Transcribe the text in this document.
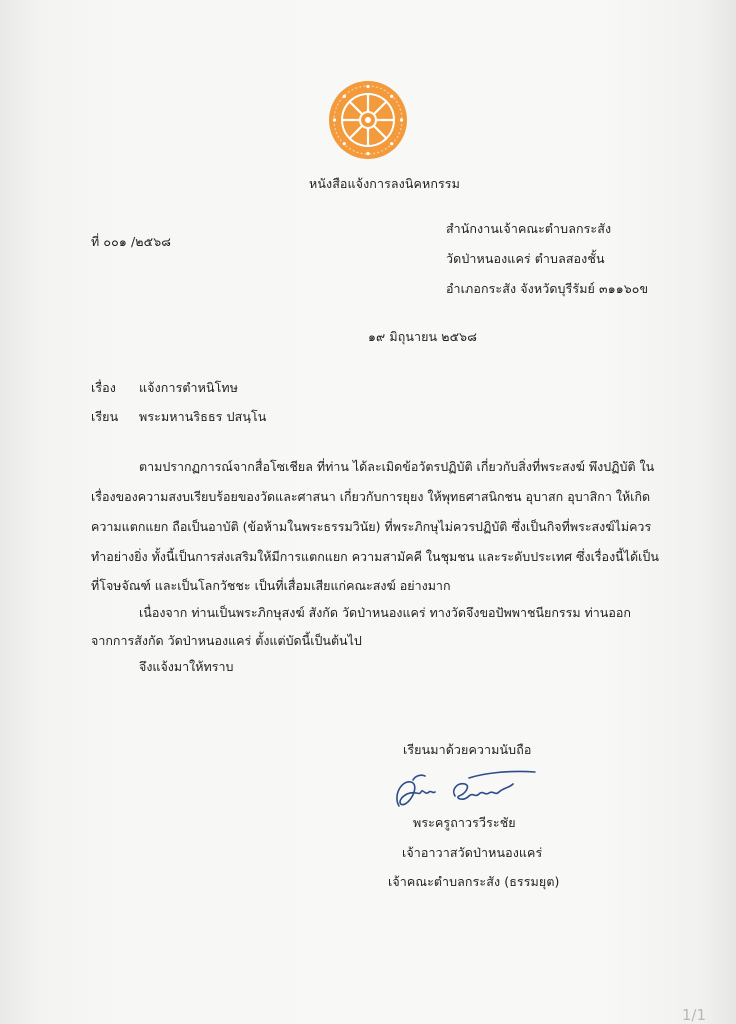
หนังสือแจ้งการลงนิคหกรรม
ที่ ๐๐๑ /๒๕๖๘
สำนักงานเจ้าคณะตำบลกระสัง
วัดป่าหนองแคร่ ตำบลสองชั้น
อำเภอกระสัง จังหวัดบุรีรัมย์ ๓๑๑๖๐ข
๑๙ มิถุนายน ๒๕๖๘
เรื่อง แจ้งการตำหนิโทษ
เรียน พระมหานริธธร ปสนฺโน
ตามปรากฏการณ์จากสื่อโซเชียล ที่ท่าน ได้ละเมิดข้อวัตรปฏิบัติ เกี่ยวกับสิ่งที่พระสงฆ์ พึงปฏิบัติ ใน
เรื่องของความสงบเรียบร้อยของวัดและศาสนา เกี่ยวกับการยุยง ให้พุทธศาสนิกชน อุบาสก อุบาสิกา ให้เกิด
ความแตกแยก ถือเป็นอาบัติ (ข้อห้ามในพระธรรมวินัย) ที่พระภิกษุไม่ควรปฏิบัติ ซึ่งเป็นกิจที่พระสงฆ์ไม่ควร
ทำอย่างยิ่ง ทั้งนี้เป็นการส่งเสริมให้มีการแตกแยก ความสามัคคี ในชุมชน และระดับประเทศ ซึ่งเรื่องนี้ได้เป็น
ที่โจษจัณฑ์ และเป็นโลกวัชชะ เป็นที่เสื่อมเสียแก่คณะสงฆ์ อย่างมาก
เนื่องจาก ท่านเป็นพระภิกษุสงฆ์ สังกัด วัดป่าหนองแคร่ ทางวัดจึงขอปัพพาชนียกรรม ท่านออก
จากการสังกัด วัดป่าหนองแคร่ ตั้งแต่บัดนี้เป็นต้นไป
จึงแจ้งมาให้ทราบ
เรียนมาด้วยความนับถือ
พระครูถาวรวีระชัย
เจ้าอาวาสวัดป่าหนองแคร่
เจ้าคณะตำบลกระสัง (ธรรมยุต)
1/1
